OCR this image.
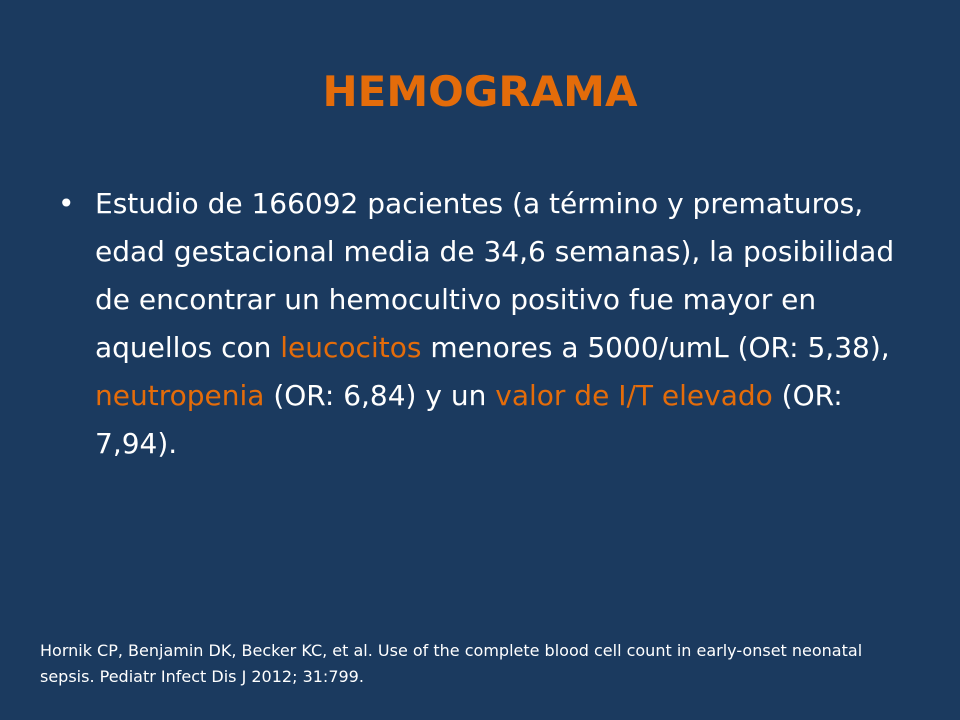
HEMOGRAMA
• Estudio de 166092 pacientes (a término y prematuros, edad gestacional media de 34,6 semanas), la posibilidad de encontrar un hemocultivo positivo fue mayor en aquellos con leucocitos menores a 5000/umL (OR: 5,38), neutropenia (OR: 6,84) y un valor de I/T elevado (OR: 7,94).
Hornik CP, Benjamin DK, Becker KC, et al. Use of the complete blood cell count in early-onset neonatal sepsis. Pediatr Infect Dis J 2012; 31:799.
